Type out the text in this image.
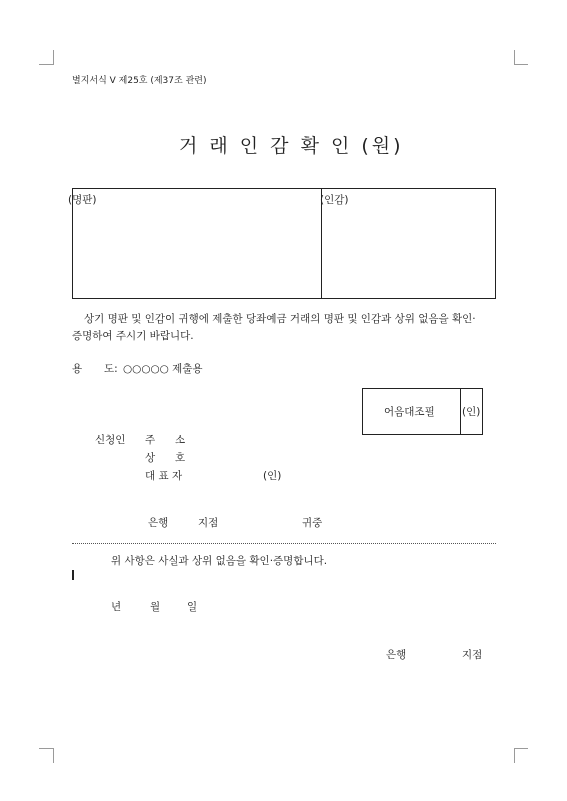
별지서식 Ⅴ 제25호 (제37조 관련)
거 래 인 감 확 인 (원)
(명판)	(인감)
상기 명판 및 인감이 귀행에 제출한 당좌예금 거래의 명판 및 인감과 상위 없음을 확인·
증명하여 주시기 바랍니다.
용 도: ○○○○○ 제출용
어음대조필	(인)
신청인 주 소
상 호
대 표 자	(인)
은행	지점	귀중
위 사항은 사실과 상위 없음을 확인·증명합니다.
년	월	일
은행	지점
